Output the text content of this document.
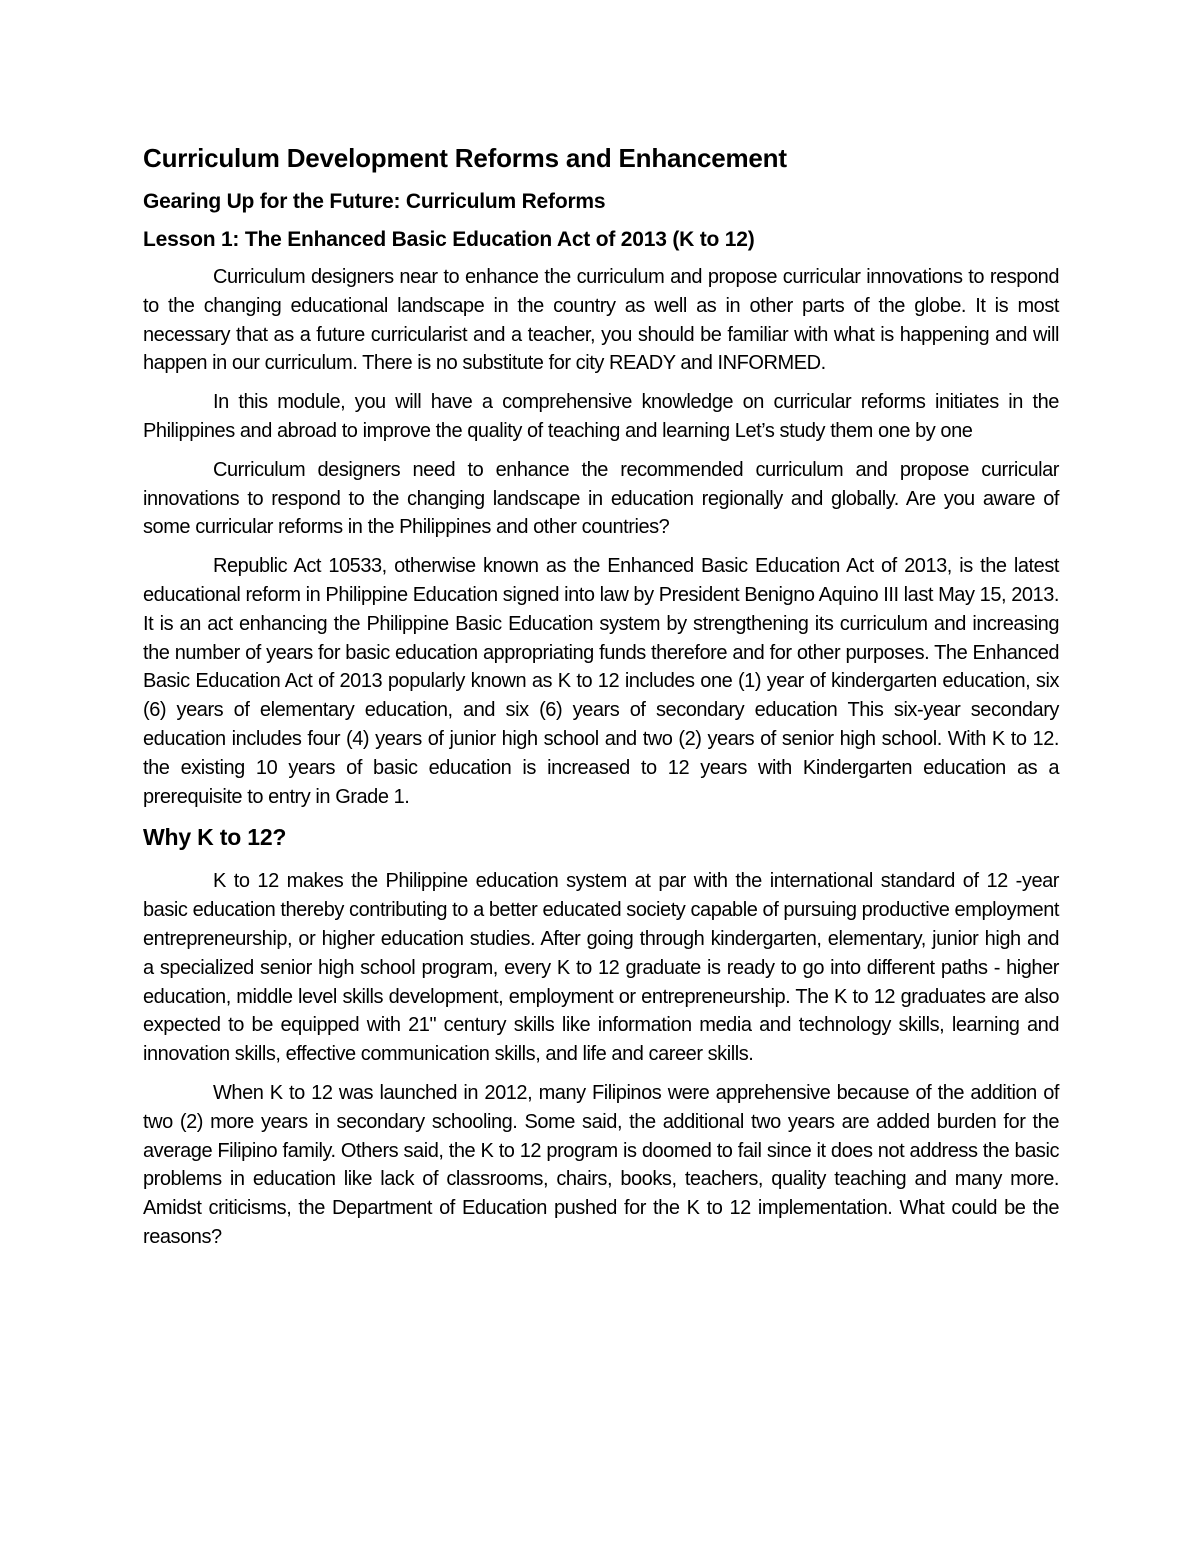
Curriculum Development Reforms and Enhancement
Gearing Up for the Future: Curriculum Reforms
Lesson 1: The Enhanced Basic Education Act of 2013 (K to 12)

Curriculum designers near to enhance the curriculum and propose curricular innovations to respond to the changing educational landscape in the country as well as in other parts of the globe. It is most necessary that as a future curricularist and a teacher, you should be familiar with what is happening and will happen in our curriculum. There is no substitute for city READY and INFORMED.

In this module, you will have a comprehensive knowledge on curricular reforms initiates in the Philippines and abroad to improve the quality of teaching and learning Let’s study them one by one

Curriculum designers need to enhance the recommended curriculum and propose curricular innovations to respond to the changing landscape in education regionally and globally. Are you aware of some curricular reforms in the Philippines and other countries?

Republic Act 10533, otherwise known as the Enhanced Basic Education Act of 2013, is the latest educational reform in Philippine Education signed into law by President Benigno Aquino III last May 15, 2013. It is an act enhancing the Philippine Basic Education system by strengthening its curriculum and increasing the number of years for basic education appropriating funds therefore and for other purposes. The Enhanced Basic Education Act of 2013 popularly known as K to 12 includes one (1) year of kindergarten education, six (6) years of elementary education, and six (6) years of secondary education This six-year secondary education includes four (4) years of junior high school and two (2) years of senior high school. With K to 12. the existing 10 years of basic education is increased to 12 years with Kindergarten education as a prerequisite to entry in Grade 1.

Why K to 12?

K to 12 makes the Philippine education system at par with the international standard of 12 -year basic education thereby contributing to a better educated society capable of pursuing productive employment entrepreneurship, or higher education studies. After going through kindergarten, elementary, junior high and a specialized senior high school program, every K to 12 graduate is ready to go into different paths - higher education, middle level skills development, employment or entrepreneurship. The K to 12 graduates are also expected to be equipped with 21" century skills like information media and technology skills, learning and innovation skills, effective communication skills, and life and career skills.

When K to 12 was launched in 2012, many Filipinos were apprehensive because of the addition of two (2) more years in secondary schooling. Some said, the additional two years are added burden for the average Filipino family. Others said, the K to 12 program is doomed to fail since it does not address the basic problems in education like lack of classrooms, chairs, books, teachers, quality teaching and many more. Amidst criticisms, the Department of Education pushed for the K to 12 implementation. What could be the reasons?
